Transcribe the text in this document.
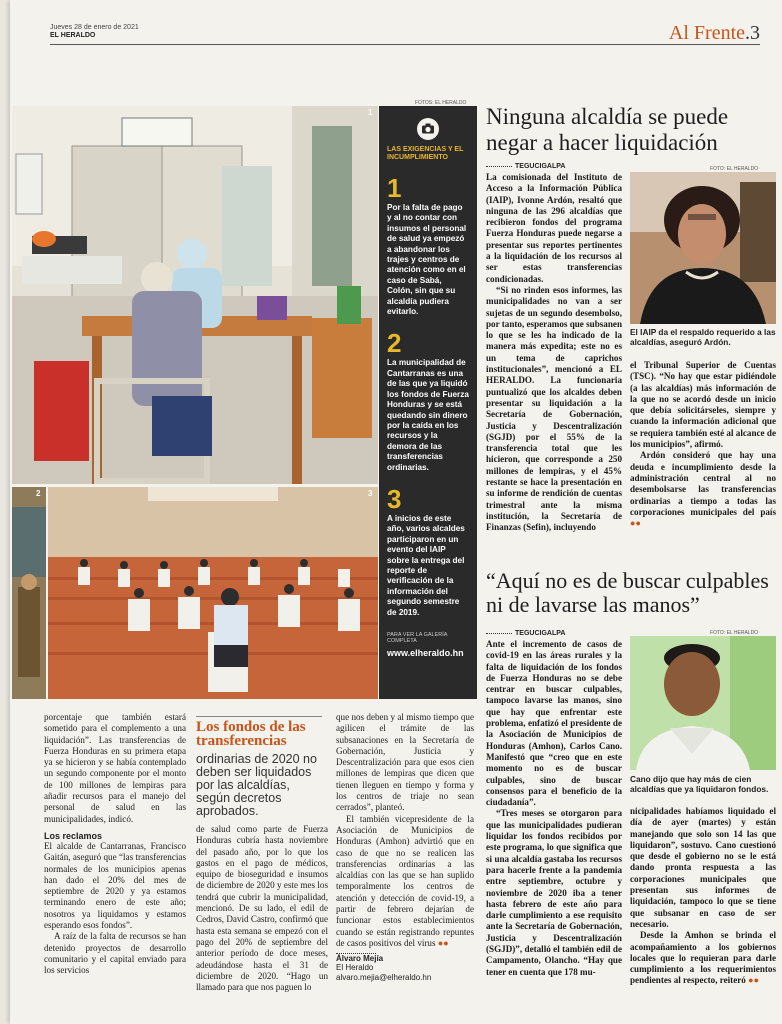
Jueves 28 de enero de 2021
EL HERALDO	Al Frente.3
FOTOS: EL HERALDO
1
2	3
LAS EXIGENCIAS Y EL INCUMPLIMIENTO
1
Por la falta de pago y al no contar con insumos el personal de salud ya empezó a abandonar los trajes y centros de atención como en el caso de Sabá, Colón, sin que su alcaldía pudiera evitarlo.
2
La municipalidad de Cantarranas es una de las que ya liquidó los fondos de Fuerza Honduras y se está quedando sin dinero por la caída en los recursos y la demora de las transferencias ordinarias.
3
A inicios de este año, varios alcaldes participaron en un evento del IAIP sobre la entrega del reporte de verificación de la información del segundo semestre de 2019.
PARA VER LA GALERÍA COMPLETA
www.elheraldo.hn
Ninguna alcaldía se puede negar a hacer liquidación
TEGUCIGALPA

La comisionada del Instituto de Acceso a la Información Pública (IAIP), Ivonne Ardón, resaltó que ninguna de las 296 alcaldías que recibieron fondos del programa Fuerza Honduras puede negarse a presentar sus reportes pertinentes a la liquidación de los recursos al ser estas transferencias condicionadas.

“Si no rinden esos informes, las municipalidades no van a ser sujetas de un segundo desembolso, por tanto, esperamos que subsanen lo que se les ha indicado de la manera más expedita; este no es un tema de caprichos institucionales”, mencionó a EL HERALDO. La funcionaria puntualizó que los alcaldes deben presentar su liquidación a la Secretaría de Gobernación, Justicia y Descentralización (SGJD) por el 55% de la transferencia total que les hicieron, que corresponde a 250 millones de lempiras, y el 45% restante se hace la presentación en su informe de rendición de cuentas trimestral ante la misma institución, la Secretaría de Finanzas (Sefin), incluyendo

FOTO: EL HERALDO
El IAIP da el respaldo requerido a las alcaldías, aseguró Ardón.

el Tribunal Superior de Cuentas (TSC). “No hay que estar pidiéndole (a las alcaldías) más información de la que no se acordó desde un inicio que debía solicitárseles, siempre y cuando la información adicional que se requiera también esté al alcance de los municipios”, afirmó.

Ardón consideró que hay una deuda e incumplimiento desde la administración central al no desembolsarse las transferencias ordinarias a tiempo a todas las corporaciones municipales del país ●●

“Aquí no es de buscar culpables ni de lavarse las manos”
TEGUCIGALPA

Ante el incremento de casos de covid-19 en las áreas rurales y la falta de liquidación de los fondos de Fuerza Honduras no se debe centrar en buscar culpables, tampoco lavarse las manos, sino que hay que enfrentar este problema, enfatizó el presidente de la Asociación de Municipios de Honduras (Amhon), Carlos Cano. Manifestó que “creo que en este momento no es de buscar culpables, sino de buscar consensos para el beneficio de la ciudadanía”.

“Tres meses se otorgaron para que las municipalidades pudieran liquidar los fondos recibidos por este programa, lo que significa que si una alcaldía gastaba los recursos para hacerle frente a la pandemia entre septiembre, octubre y noviembre de 2020 iba a tener hasta febrero de este año para darle cumplimiento a ese requisito ante la Secretaría de Gobernación, Justicia y Descentralización (SGJD)”, detalló el también edil de Campamento, Olancho. “Hay que tener en cuenta que 178 mu-

FOTO: EL HERALDO
Cano dijo que hay más de cien alcaldías que ya liquidaron fondos.

nicipalidades habíamos liquidado el día de ayer (martes) y están manejando que solo son 14 las que liquidaron”, sostuvo. Cano cuestionó que desde el gobierno no se le está dando pronta respuesta a las corporaciones municipales que presentan sus informes de liquidación, tampoco lo que se tiene que subsanar en caso de ser necesario.

Desde la Amhon se brinda el acompañamiento a los gobiernos locales que lo requieran para darle cumplimiento a los requerimientos pendientes al respecto, reiteró ●●

porcentaje que también estará sometido para el complemento a una liquidación”. Las transferencias de Fuerza Honduras en su primera etapa ya se hicieron y se había contemplado un segundo componente por el monto de 100 millones de lempiras para añadir recursos para el manejo del personal de salud en las municipalidades, indicó.

Los reclamos

El alcalde de Cantarranas, Francisco Gaitán, aseguró que “las transferencias normales de los municipios apenas han dado el 20% del mes de septiembre de 2020 y ya estamos terminando enero de este año; nosotros ya liquidamos y estamos esperando esos fondos”.

A raíz de la falta de recursos se han detenido proyectos de desarrollo comunitario y el capital enviado para los servicios

Los fondos de las transferencias
ordinarias de 2020 no deben ser liquidados por las alcaldías, según decretos aprobados.

de salud como parte de Fuerza Honduras cubría hasta noviembre del pasado año, por lo que los gastos en el pago de médicos, equipo de bioseguridad e insumos de diciembre de 2020 y este mes los tendrá que cubrir la municipalidad, mencionó. De su lado, el edil de Cedros, David Castro, confirmó que hasta esta semana se empezó con el pago del 20% de septiembre del anterior período de doce meses, adeudándose hasta el 31 de diciembre de 2020. “Hago un llamado para que nos paguen lo

que nos deben y al mismo tiempo que agilicen el trámite de las subsanaciones en la Secretaría de Gobernación, Justicia y Descentralización para que esos cien millones de lempiras que dicen que tienen lleguen en tiempo y forma y los centros de triaje no sean cerrados”, planteó.

El también vicepresidente de la Asociación de Municipios de Honduras (Amhon) advirtió que en caso de que no se realicen las transferencias ordinarias a las alcaldías con las que se han suplido temporalmente los centros de atención y detección de covid-19, a partir de febrero dejarían de funcionar estos establecimientos cuando se están registrando repuntes de casos positivos del virus ●●

Álvaro Mejía
El Heraldo
alvaro.mejia@elheraldo.hn
